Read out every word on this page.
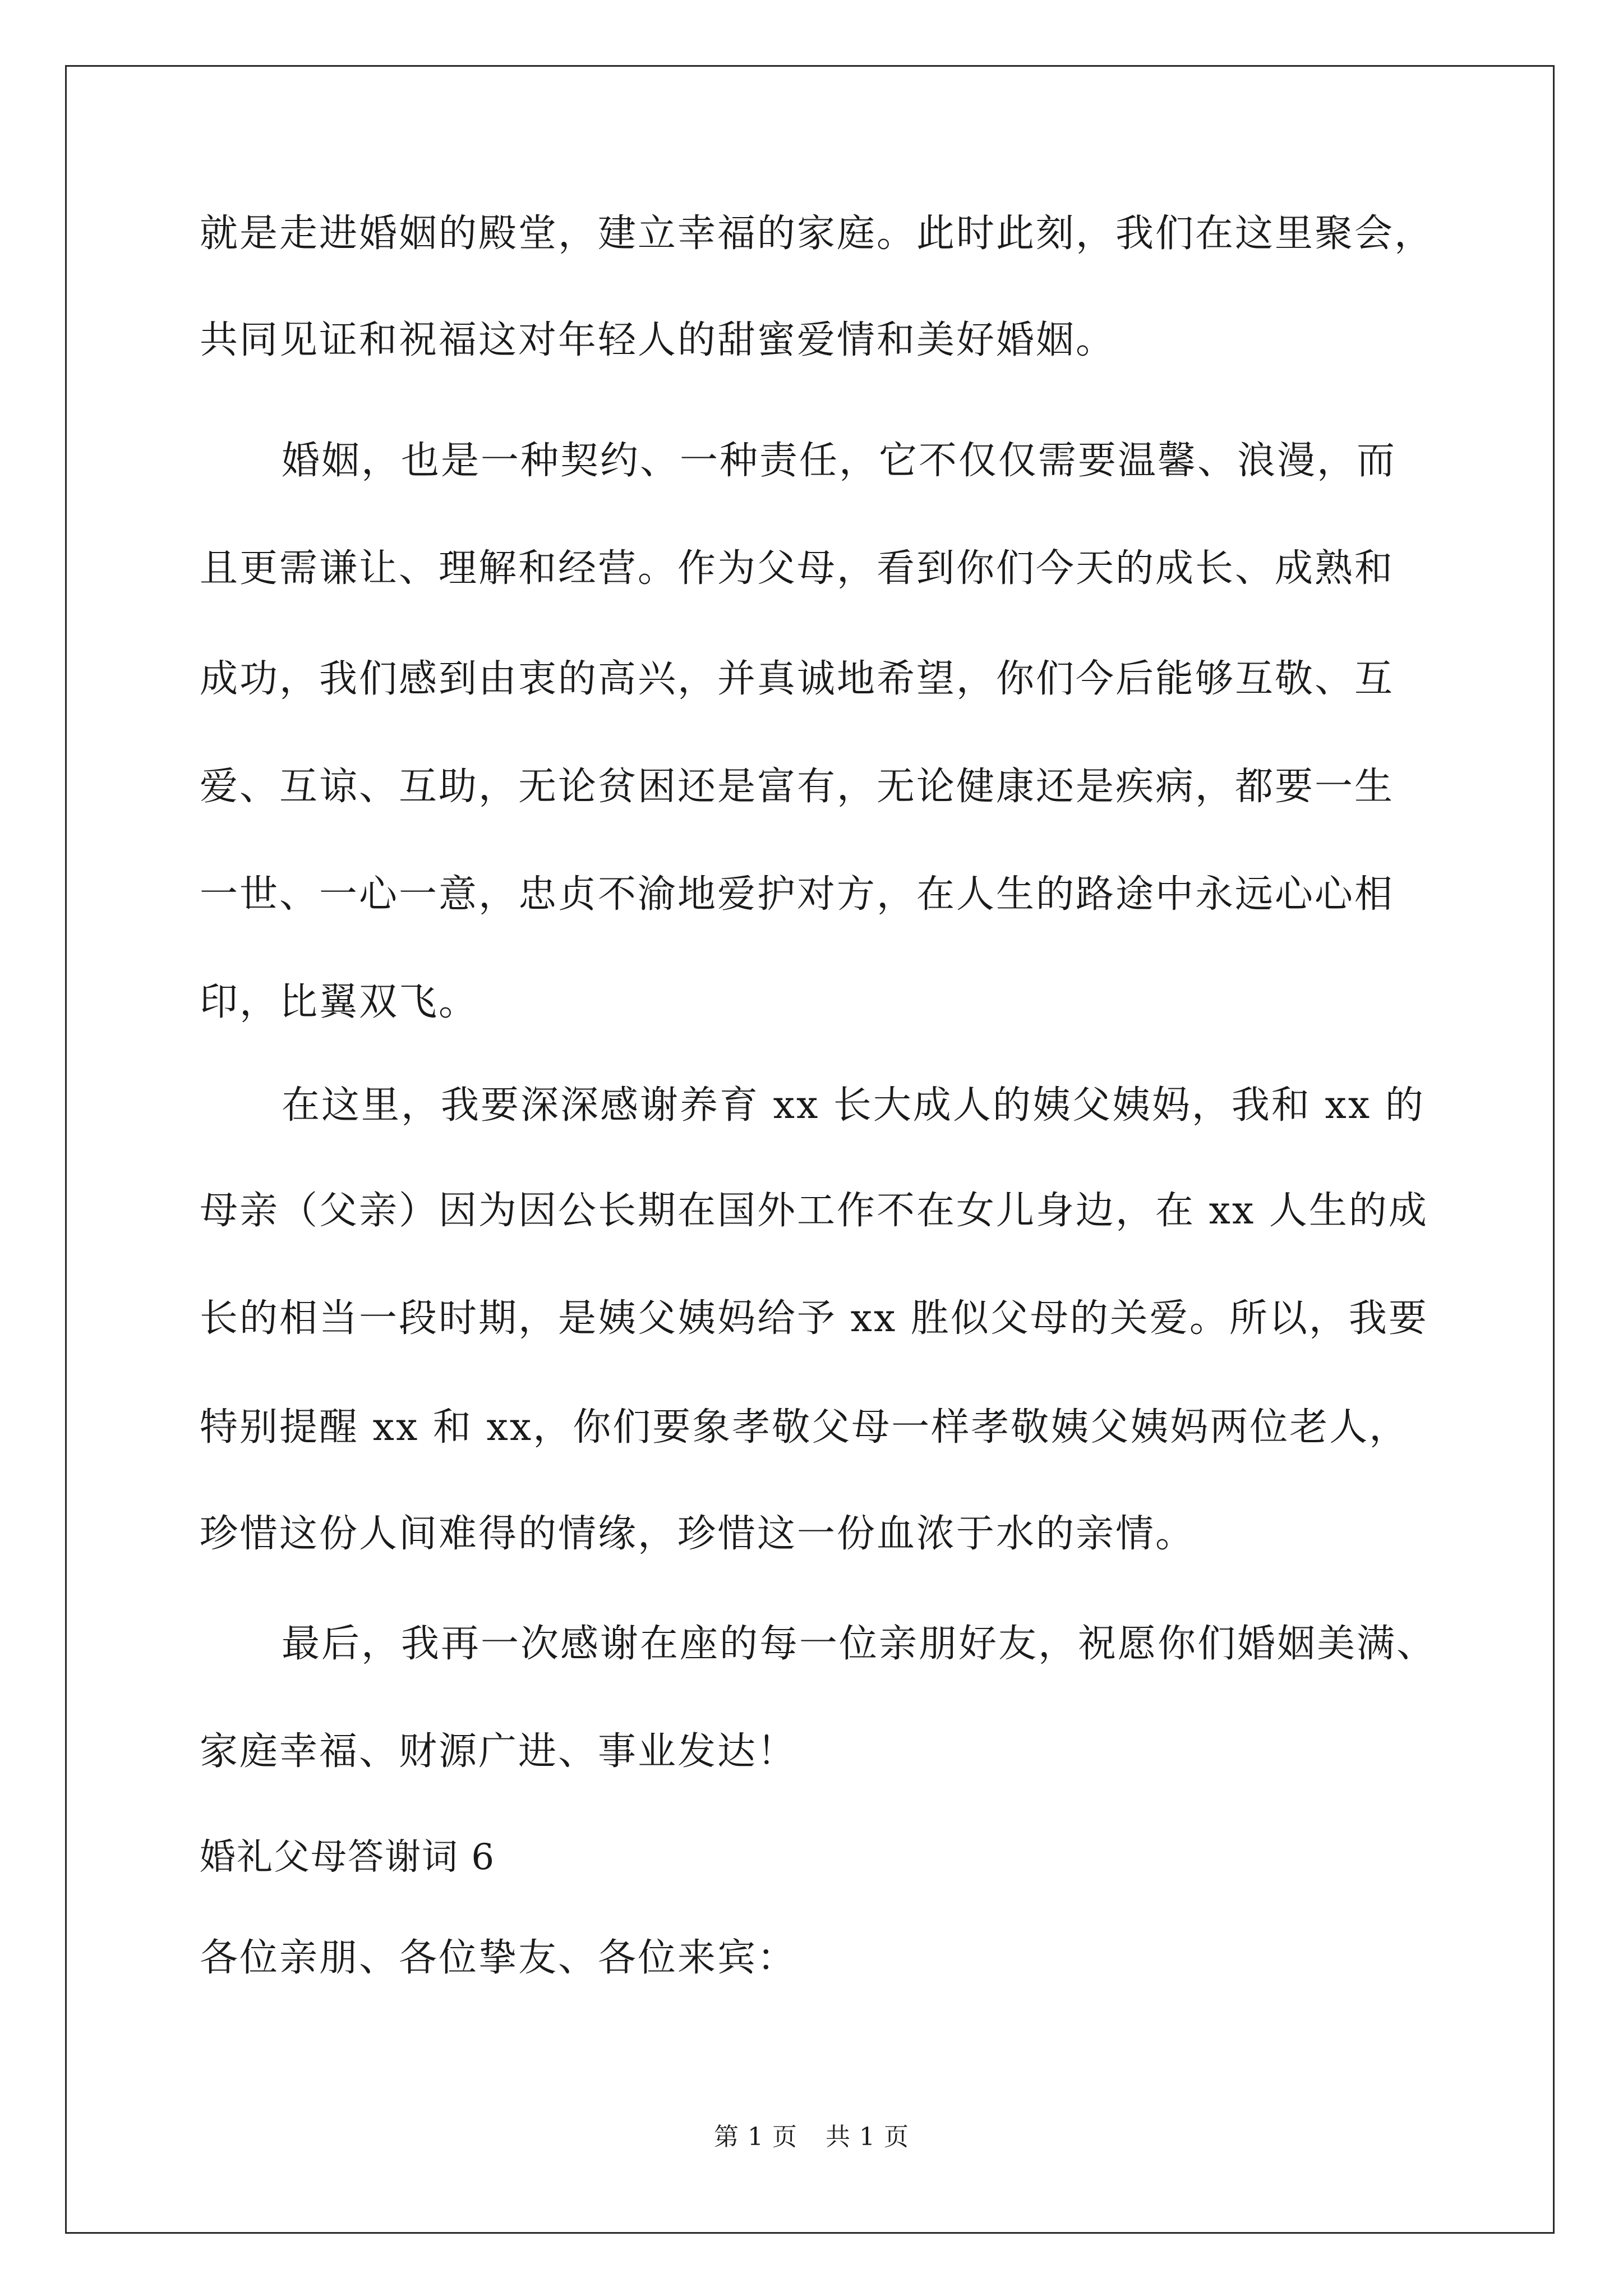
就是走进婚姻的殿堂，建立幸福的家庭。此时此刻，我们在这里聚会，
共同见证和祝福这对年轻人的甜蜜爱情和美好婚姻。
婚姻，也是一种契约、一种责任，它不仅仅需要温馨、浪漫，而
且更需谦让、理解和经营。作为父母，看到你们今天的成长、成熟和
成功，我们感到由衷的高兴，并真诚地希望，你们今后能够互敬、互
爱、互谅、互助，无论贫困还是富有，无论健康还是疾病，都要一生
一世、一心一意，忠贞不渝地爱护对方，在人生的路途中永远心心相
印，比翼双飞。
在这里，我要深深感谢养育 xx 长大成人的姨父姨妈，我和 xx 的
母亲（父亲）因为因公长期在国外工作不在女儿身边，在 xx 人生的成
长的相当一段时期，是姨父姨妈给予 xx 胜似父母的关爱。所以，我要
特别提醒 xx 和 xx，你们要象孝敬父母一样孝敬姨父姨妈两位老人，
珍惜这份人间难得的情缘，珍惜这一份血浓于水的亲情。
最后，我再一次感谢在座的每一位亲朋好友，祝愿你们婚姻美满、
家庭幸福、财源广进、事业发达！
婚礼父母答谢词 6
各位亲朋、各位挚友、各位来宾：
第 1 页 共 1 页
